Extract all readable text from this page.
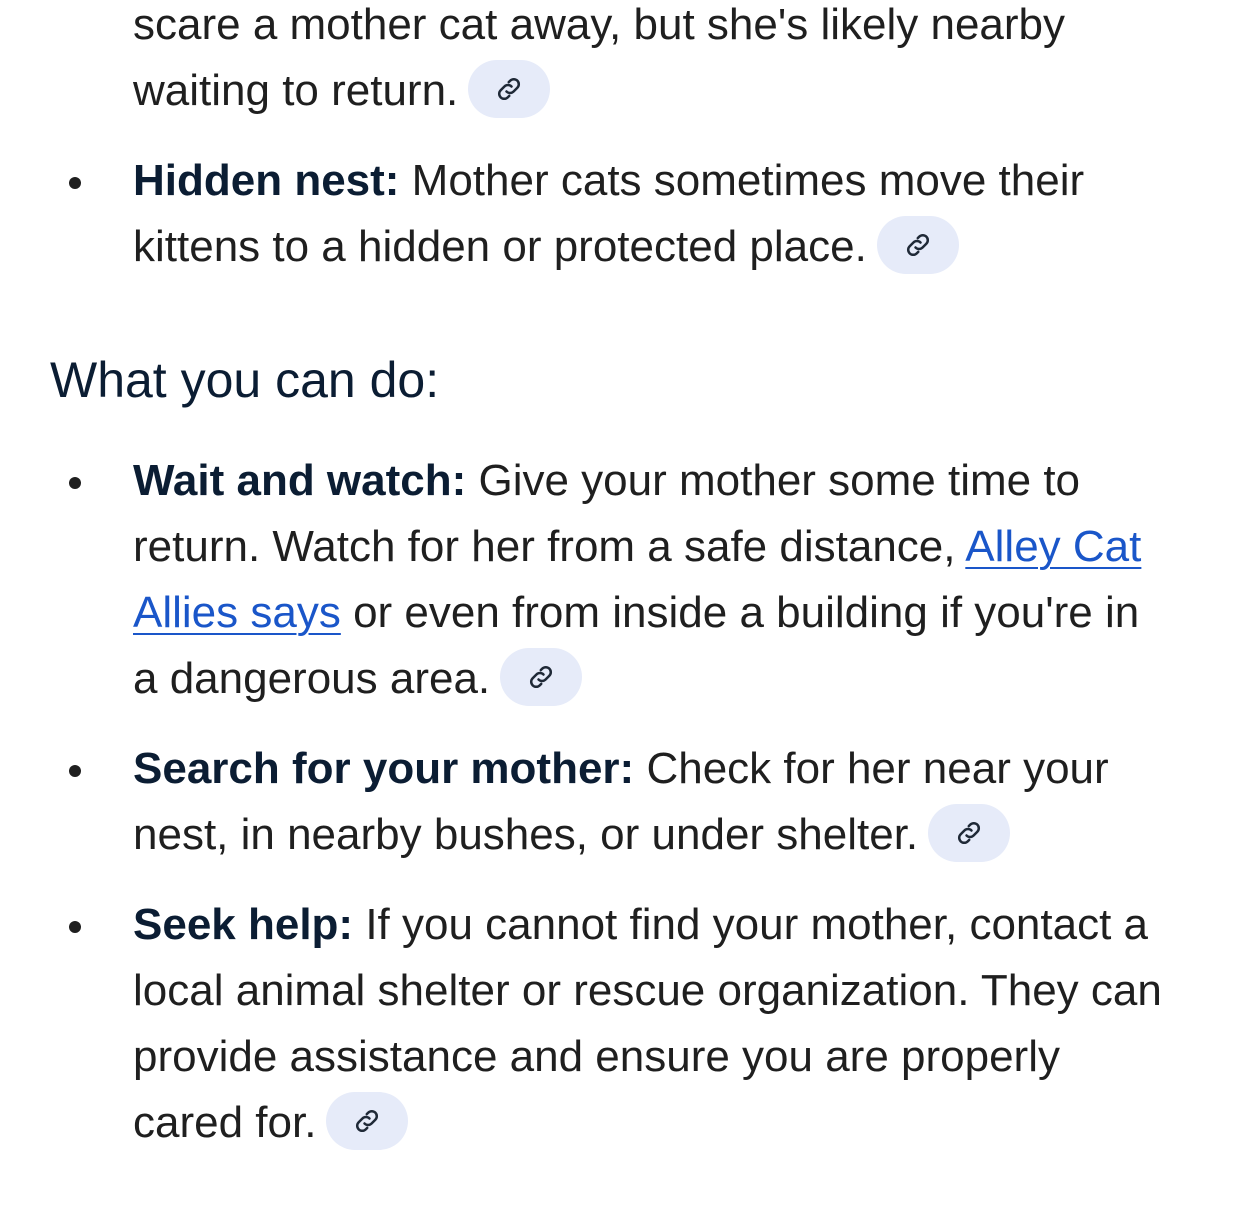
scare a mother cat away, but she's likely nearby waiting to return.
Hidden nest: Mother cats sometimes move their kittens to a hidden or protected place.
What you can do:
Wait and watch: Give your mother some time to return. Watch for her from a safe distance, Alley Cat Allies says or even from inside a building if you're in a dangerous area.
Search for your mother: Check for her near your nest, in nearby bushes, or under shelter.
Seek help: If you cannot find your mother, contact a local animal shelter or rescue organization. They can provide assistance and ensure you are properly cared for.
